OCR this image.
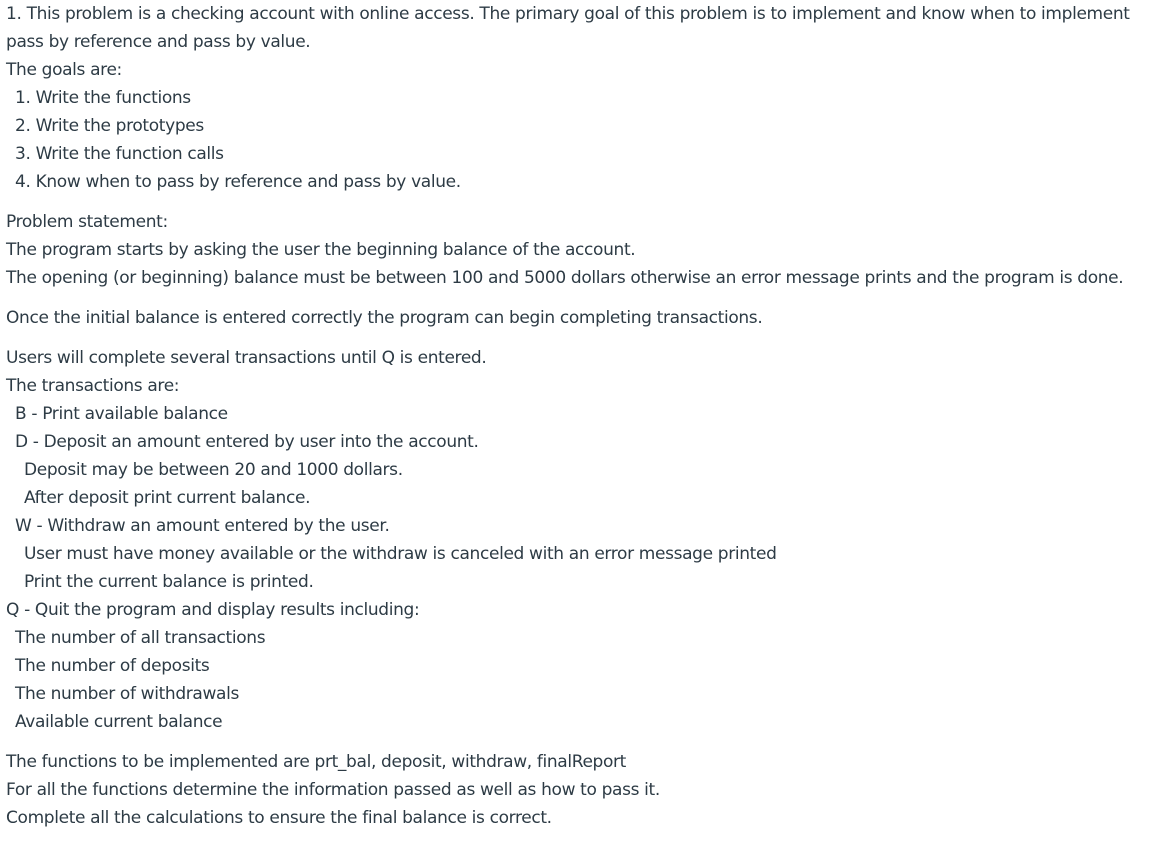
1. This problem is a checking account with online access. The primary goal of this problem is to implement and know when to implement pass by reference and pass by value.
The goals are:
1. Write the functions
2. Write the prototypes
3. Write the function calls
4. Know when to pass by reference and pass by value.
Problem statement:
The program starts by asking the user the beginning balance of the account.
The opening (or beginning) balance must be between 100 and 5000 dollars otherwise an error message prints and the program is done.
Once the initial balance is entered correctly the program can begin completing transactions.
Users will complete several transactions until Q is entered.
The transactions are:
B - Print available balance
D - Deposit an amount entered by user into the account.
Deposit may be between 20 and 1000 dollars.
After deposit print current balance.
W - Withdraw an amount entered by the user.
User must have money available or the withdraw is canceled with an error message printed
Print the current balance is printed.
Q - Quit the program and display results including:
The number of all transactions
The number of deposits
The number of withdrawals
Available current balance
The functions to be implemented are prt_bal, deposit, withdraw, finalReport
For all the functions determine the information passed as well as how to pass it.
Complete all the calculations to ensure the final balance is correct.
